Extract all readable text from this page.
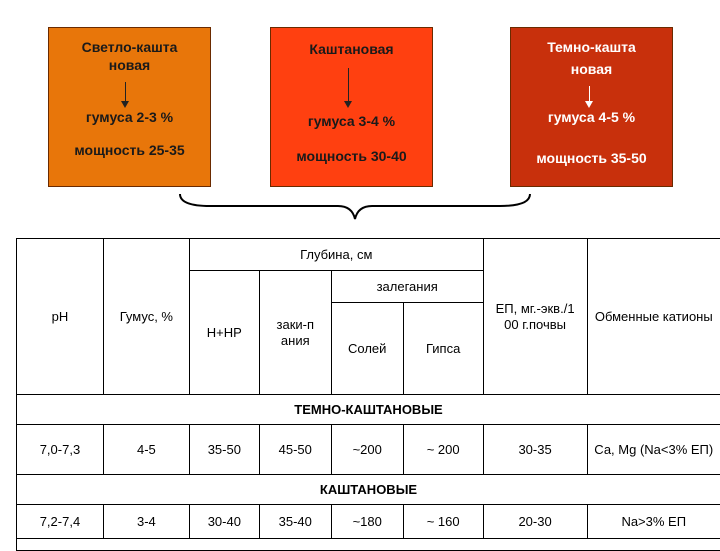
Светло-кашта
новая
гумуса 2-3 %
мощность 25-35
Каштановая
гумуса 3-4 %
мощность 30-40
Темно-кашта
новая
гумуса 4-5 %
мощность 35-50
pH	Гумус, %	Глубина, см				ЕП, мг.-экв./1 00 г.почвы	Обменные катионы
		Н+НР	заки-п ания	залегания			
				Солей	Гипса		
ТЕМНО-КАШТАНОВЫЕ							
7,0-7,3	4-5	35-50	45-50	~200	~ 200	30-35	Са, Мg (Nа<3% ЕП)
КАШТАНОВЫЕ							
7,2-7,4	3-4	30-40	35-40	~180	~ 160	20-30	Na>3% ЕП
